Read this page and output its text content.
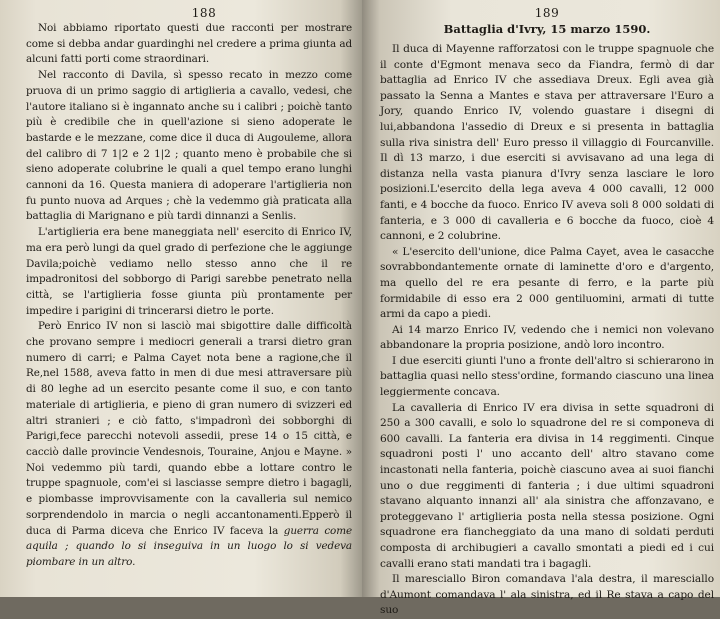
188

Noi abbiamo riportato questi due racconti per mostrare come si debba andar guardinghi nel credere a prima giunta ad alcuni fatti porti come straordinari.

Nel racconto di Davila, sì spesso recato in mezzo come pruova di un primo saggio di artiglieria a cavallo, vedesi, che l'autore italiano si è ingannato anche su i calibri ; poichè tanto più è credibile che in quell'azione si sieno adoperate le bastarde e le mezzane, come dice il duca di Augouleme, allora del calibro di 7 1|2 e 2 1|2 ; quanto meno è probabile che si sieno adoperate colubrine le quali a quel tempo erano lunghi cannoni da 16. Questa maniera di adoperare l'artiglieria non fu punto nuova ad Arques ; chè la vedemmo già praticata alla battaglia di Marignano e più tardi dinnanzi a Senlis.

L'artiglieria era bene maneggiata nell' esercito di Enrico IV, ma era però lungi da quel grado di perfezione che le aggiunge Davila;poichè vediamo nello stesso anno che il re impadronitosi del sobborgo di Parigi sarebbe penetrato nella città, se l'artiglieria fosse giunta più prontamente per impedire i parigini di trincerarsi dietro le porte.

Però Enrico IV non si lasciò mai sbigottire dalle difficoltà che provano sempre i mediocri generali a trarsi dietro gran numero di carri; e Palma Cayet nota bene a ragione,che il Re,nel 1588, aveva fatto in men di due mesi attraversare più di 80 leghe ad un esercito pesante come il suo, e con tanto materiale di artiglieria, e pieno di gran numero di svizzeri ed altri stranieri ; e ciò fatto, s'impadronì dei sobborghi di Parigi,fece parecchi notevoli assedii, prese 14 o 15 città, e cacciò dalle provincie Vendesnois, Touraine, Anjou e Mayne. » Noi vedemmo più tardi, quando ebbe a lottare contro le truppe spagnuole, com'ei si lasciasse sempre dietro i bagagli, e piombasse improvvisamente con la cavalleria sul nemico sorprendendolo in marcia o negli accantonamenti.Epperò il duca di Parma diceva che Enrico IV faceva la guerra come aquila ; quando lo si inseguiva in un luogo lo si vedeva piombare in un altro.

189
Battaglia d'Ivry, 15 marzo 1590.

Il duca di Mayenne rafforzatosi con le truppe spagnuole che il conte d'Egmont menava seco da Fiandra, fermò di dar battaglia ad Enrico IV che assediava Dreux. Egli avea già passato la Senna a Mantes e stava per attraversare l'Euro a Jory, quando Enrico IV, volendo guastare i disegni di lui,abbandona l'assedio di Dreux e si presenta in battaglia sulla riva sinistra dell' Euro presso il villaggio di Fourcanville. Il dì 13 marzo, i due eserciti si avvisavano ad una lega di distanza nella vasta pianura d'Ivry senza lasciare le loro posizioni.L'esercito della lega aveva 4 000 cavalli, 12 000 fanti, e 4 bocche da fuoco. Enrico IV aveva soli 8 000 soldati di fanteria, e 3 000 di cavalleria e 6 bocche da fuoco, cioè 4 cannoni, e 2 colubrine.

« L'esercito dell'unione, dice Palma Cayet, avea le casacche sovrabbondantemente ornate di laminette d'oro e d'argento, ma quello del re era pesante di ferro, e la parte più formidabile di esso era 2 000 gentiluomini, armati di tutte armi da capo a piedi.

Ai 14 marzo Enrico IV, vedendo che i nemici non volevano abbandonare la propria posizione, andò loro incontro.

I due eserciti giunti l'uno a fronte dell'altro si schierarono in battaglia quasi nello stess'ordine, formando ciascuno una linea leggiermente concava.

La cavalleria di Enrico IV era divisa in sette squadroni di 250 a 300 cavalli, e solo lo squadrone del re si componeva di 600 cavalli. La fanteria era divisa in 14 reggimenti. Cinque squadroni posti l' uno accanto dell' altro stavano come incastonati nella fanteria, poichè ciascuno avea ai suoi fianchi uno o due reggimenti di fanteria ; i due ultimi squadroni stavano alquanto innanzi all' ala sinistra che affonzavano, e proteggevano l' artiglieria posta nella stessa posizione. Ogni squadrone era fiancheggiato da una mano di soldati perduti composta di archibugieri a cavallo smontati a piedi ed i cui cavalli erano stati mandati tra i bagagli.

Il maresciallo Biron comandava l'ala destra, il maresciallo d'Aumont comandava l' ala sinistra, ed il Re stava a capo del suo
